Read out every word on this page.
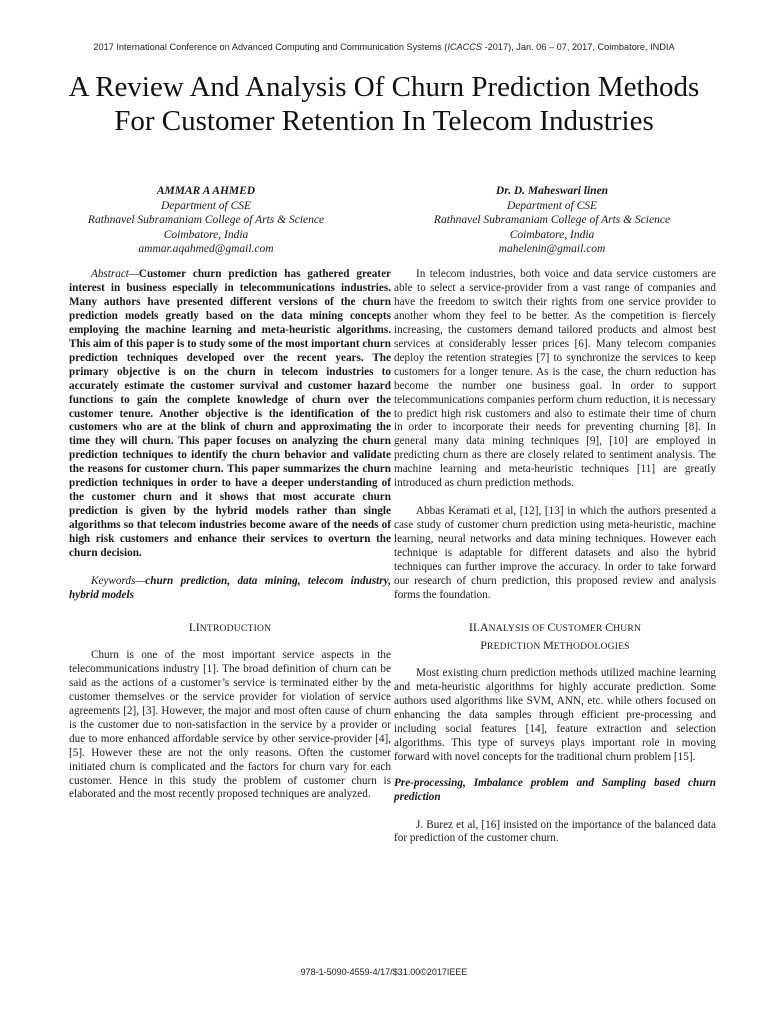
2017 International Conference on Advanced Computing and Communication Systems (ICACCS -2017), Jan. 06 – 07, 2017, Coimbatore, INDIA
A Review And Analysis Of Churn Prediction Methods For Customer Retention In Telecom Industries
AMMAR A AHMED
Department of CSE
Rathnavel Subramaniam College of Arts & Science
Coimbatore, India
ammar.aqahmed@gmail.com
Dr. D. Maheswari linen
Department of CSE
Rathnavel Subramaniam College of Arts & Science
Coimbatore, India
mahelenin@gmail.com

Abstract—Customer churn prediction has gathered greater interest in business especially in telecommunications industries. Many authors have presented different versions of the churn prediction models greatly based on the data mining concepts employing the machine learning and meta-heuristic algorithms. This aim of this paper is to study some of the most important churn prediction techniques developed over the recent years. The primary objective is on the churn in telecom industries to accurately estimate the customer survival and customer hazard functions to gain the complete knowledge of churn over the customer tenure. Another objective is the identification of the customers who are at the blink of churn and approximating the time they will churn. This paper focuses on analyzing the churn prediction techniques to identify the churn behavior and validate the reasons for customer churn. This paper summarizes the churn prediction techniques in order to have a deeper understanding of the customer churn and it shows that most accurate churn prediction is given by the hybrid models rather than single algorithms so that telecom industries become aware of the needs of high risk customers and enhance their services to overturn the churn decision.

Keywords—churn prediction, data mining, telecom industry, hybrid models

I.INTRODUCTION

Churn is one of the most important service aspects in the telecommunications industry [1]. The broad definition of churn can be said as the actions of a customer’s service is terminated either by the customer themselves or the service provider for violation of service agreements [2], [3]. However, the major and most often cause of churn is the customer due to non-satisfaction in the service by a provider or due to more enhanced affordable service by other service-provider [4], [5]. However these are not the only reasons. Often the customer initiated churn is complicated and the factors for churn vary for each customer. Hence in this study the problem of customer churn is elaborated and the most recently proposed techniques are analyzed.

In telecom industries, both voice and data service customers are able to select a service-provider from a vast range of companies and have the freedom to switch their rights from one service provider to another whom they feel to be better. As the competition is fiercely increasing, the customers demand tailored products and almost best services at considerably lesser prices [6]. Many telecom companies deploy the retention strategies [7] to synchronize the services to keep customers for a longer tenure. As is the case, the churn reduction has become the number one business goal. In order to support telecommunications companies perform churn reduction, it is necessary to predict high risk customers and also to estimate their time of churn in order to incorporate their needs for preventing churning [8]. In general many data mining techniques [9], [10] are employed in predicting churn as there are closely related to sentiment analysis. The machine learning and meta-heuristic techniques [11] are greatly introduced as churn prediction methods.

Abbas Keramati et al, [12], [13] in which the authors presented a case study of customer churn prediction using meta-heuristic, machine learning, neural networks and data mining techniques. However each technique is adaptable for different datasets and also the hybrid techniques can further improve the accuracy. In order to take forward our research of churn prediction, this proposed review and analysis forms the foundation.

II.ANALYSIS OF CUSTOMER CHURN
PREDICTION METHODOLOGIES

Most existing churn prediction methods utilized machine learning and meta-heuristic algorithms for highly accurate prediction. Some authors used algorithms like SVM, ANN, etc. while others focused on enhancing the data samples through efficient pre-processing and including social features [14], feature extraction and selection algorithms. This type of surveys plays important role in moving forward with novel concepts for the traditional churn problem [15].

Pre-processing, Imbalance problem and Sampling based churn prediction

J. Burez et al, [16] insisted on the importance of the balanced data for prediction of the customer churn.

978-1-5090-4559-4/17/$31.00©2017IEEE
